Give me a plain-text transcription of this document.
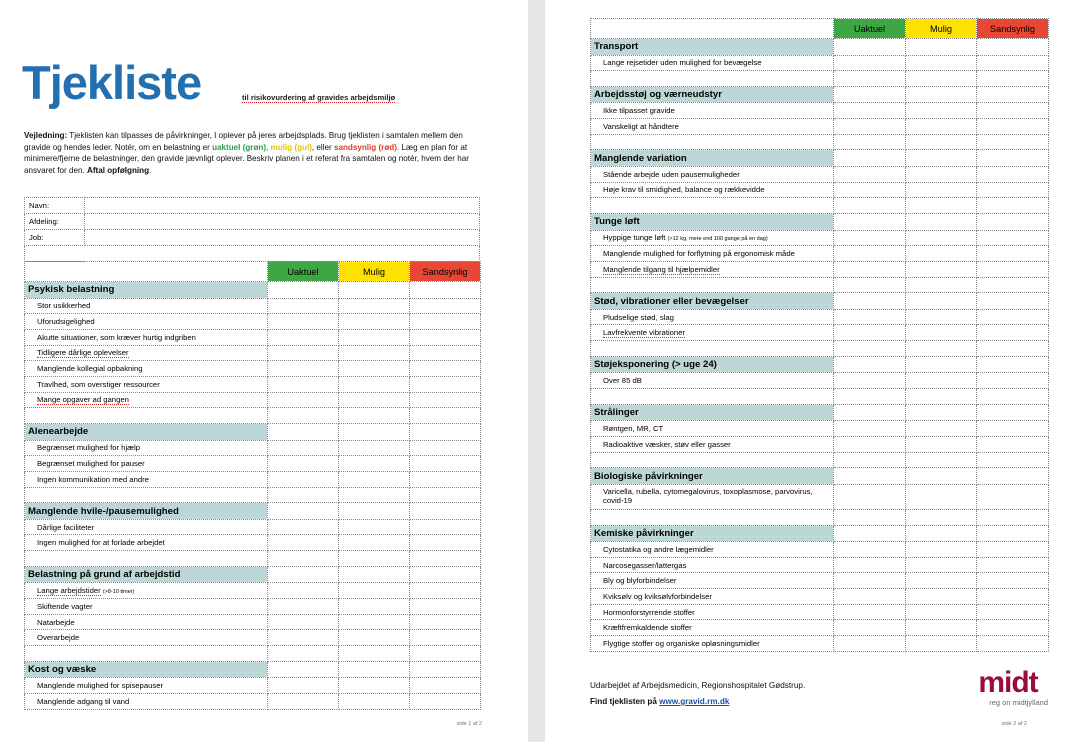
Tjekliste	til risikovurdering af gravides arbejdsmiljø
Vejledning: Tjeklisten kan tilpasses de påvirkninger, I oplever på jeres arbejdsplads. Brug tjeklisten i samtalen mellem den gravide og hendes leder. Notér, om en belastning er uaktuel (grøn), mulig (gul), eller sandsynlig (rød). Læg en plan for at minimere/fjerne de belastninger, den gravide jævnligt oplever. Beskriv planen i et referat fra samtalen og notér, hvem der har ansvaret for den. Aftal opfølgning.
Navn:	
Afdeling:	
Job:	

	Uaktuel	Mulig	Sandsynlig
Psykisk belastning			
Stor usikkerhed			
Uforudsigelighed			
Akutte situationer, som kræver hurtig indgriben			
Tidligere dårlige oplevelser			
Manglende kollegial opbakning			
Travlhed, som overstiger ressourcer			
Mange opgaver ad gangen			

Alenearbejde			
Begrænset mulighed for hjælp			
Begrænset mulighed for pauser			
Ingen kommunikation med andre			

Manglende hvile-/pausemulighed			
Dårlige faciliteter			
Ingen mulighed for at forlade arbejdet			

Belastning på grund af arbejdstid			
Lange arbejdstider (>8-10 timer)			
Skiftende vagter			
Natarbejde			
Overarbejde			

Kost og væske			
Manglende mulighed for spisepauser			
Manglende adgang til vand			
side 1 af 2
	Uaktuel	Mulig	Sandsynlig
Transport			
Lange rejsetider uden mulighed for bevægelse			

Arbejdsstøj og værneudstyr			
Ikke tilpasset gravide			
Vanskeligt at håndtere			

Manglende variation			
Stående arbejde uden pausemuligheder			
Høje krav til smidighed, balance og rækkevidde			

Tunge løft			
Hyppige tunge løft (>12 kg, mere end 100 gange på en dag)			
Manglende mulighed for forflytning på ergonomisk måde			
Manglende tilgang til hjælpemidler			

Stød, vibrationer eller bevægelser			
Pludselige stød, slag			
Lavfrekvente vibrationer			

Støjeksponering (> uge 24)			
Over 85 dB			

Strålinger			
Røntgen, MR, CT			
Radioaktive væsker, støv eller gasser			

Biologiske påvirkninger			
Varicella, rubella, cytomegalovirus, toxoplasmose, parvovirus, covid-19			

Kemiske påvirkninger			
Cytostatika og andre lægemidler			
Narcosegasser/lattergas			
Bly og blyforbindelser			
Kviksølv og kviksølvforbindelser			
Hormonforstyrrende stoffer			
Kræftfremkaldende stoffer			
Flygtige stoffer og organiske opløsningsmidler			
Udarbejdet af Arbejdsmedicin, Regionshospitalet Gødstrup.
Find tjeklisten på www.gravid.rm.dk
midt
reg on midtjylland
side 2 af 2
